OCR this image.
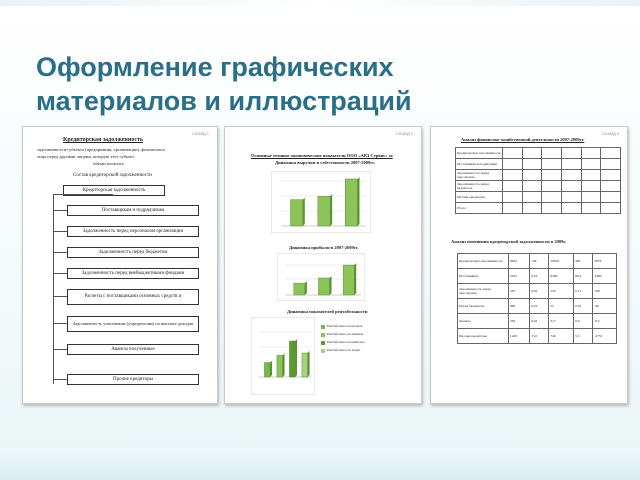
Оформление графических
материалов и иллюстраций
СЛАЙД 1
Кредиторская задолженность
задолженности субъекта (предприятия, организации), физического
лица перед другими лицами, которую этот субъект
обязан погасить
Состав кредиторской задолженности
Кредиторская задолженность
Поставщикам и подрядчикам
Задолженность перед персоналом организации
Задолженность перед бюджетом
Задолженность перед внебюджетными фондами
Расчеты с поставщиками основных средств и
Задолженность участникам (учредителям) по выплате доходов
Авансы полученные
Прочие кредиторы
СЛАЙД 2
Основные технико-экономические показатели ООО «АВЗ Сервис» за
Динамика выручки и себестоимости 2007-2009гг.
Динамика прибыли в 2007-2009гг.
Динамика показателей рентабельности
Рентабельность продаж
Рентабельность активов
Рентабельность капитала
Рентабельность затрат
СЛАЙД 3
Анализ финансово-хозяйственной деятельности 2007-2009гг.
Кредиторская задолженность						
Поставщики и подрядчики						
Задолженность перед персоналом						
Задолженность перед бюджетом						
Прочие кредиторы						
Итого						
Анализ изменения кредиторской задолженности в 2009г.
Кредиторская задолженность	8262	136	10618	300	2876
Поставщики	5225	0,42	6396	86,2	4389
Задолженность перед персоналом	297	0,02	132	0,11	180
Перед бюджетом	890	0,22	52	0,25	-60
Авансы	202	0,02	317	9,0	115
Прочие кредиторы	1240	15,0	746	5,5	-2751
